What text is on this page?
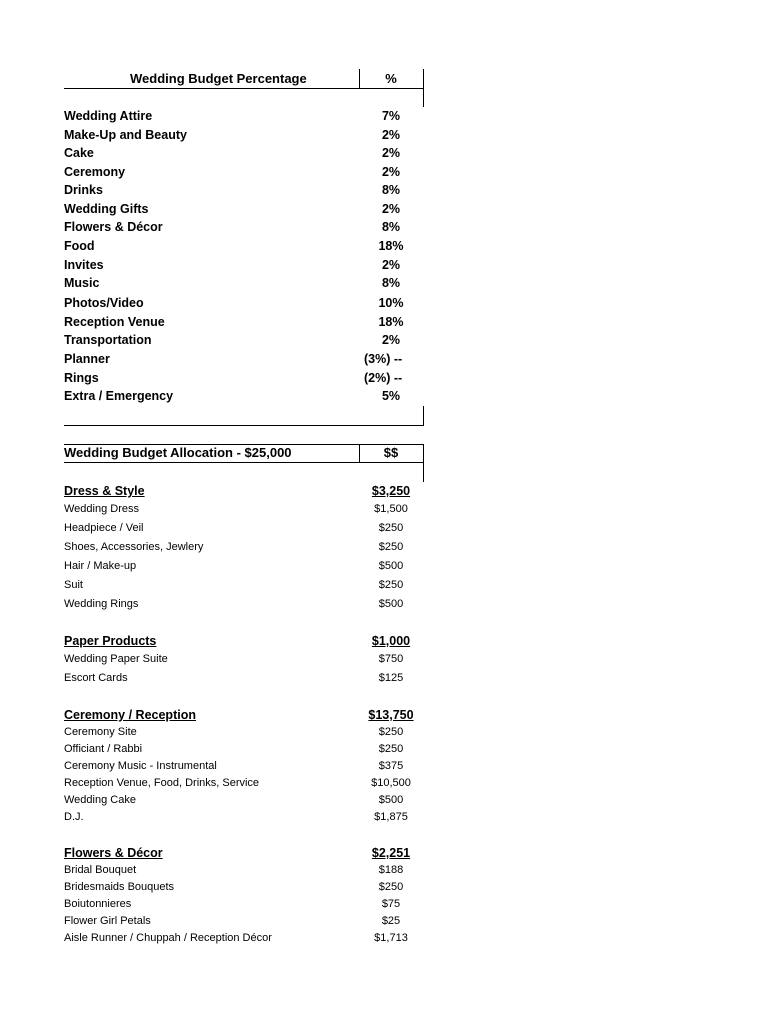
Wedding Budget Percentage	%
Wedding Attire	7%
Make-Up and Beauty	2%
Cake	2%
Ceremony	2%
Drinks	8%
Wedding Gifts	2%
Flowers & Décor	8%
Food	18%
Invites	2%
Music	8%
Photos/Video	10%
Reception Venue	18%
Transportation	2%
Planner	(3%) --
Rings	(2%) --
Extra / Emergency	5%
Wedding Budget Allocation - $25,000	$$
Dress & Style	$3,250
Wedding Dress	$1,500
Headpiece / Veil	$250
Shoes, Accessories, Jewlery	$250
Hair / Make-up	$500
Suit	$250
Wedding Rings	$500
Paper Products	$1,000
Wedding Paper Suite	$750
Escort Cards	$125
Ceremony / Reception	$13,750
Ceremony Site	$250
Officiant / Rabbi	$250
Ceremony Music - Instrumental	$375
Reception Venue, Food, Drinks, Service	$10,500
Wedding Cake	$500
D.J.	$1,875
Flowers & Décor	$2,251
Bridal Bouquet	$188
Bridesmaids Bouquets	$250
Boiutonnieres	$75
Flower Girl Petals	$25
Aisle Runner / Chuppah / Reception Décor	$1,713
